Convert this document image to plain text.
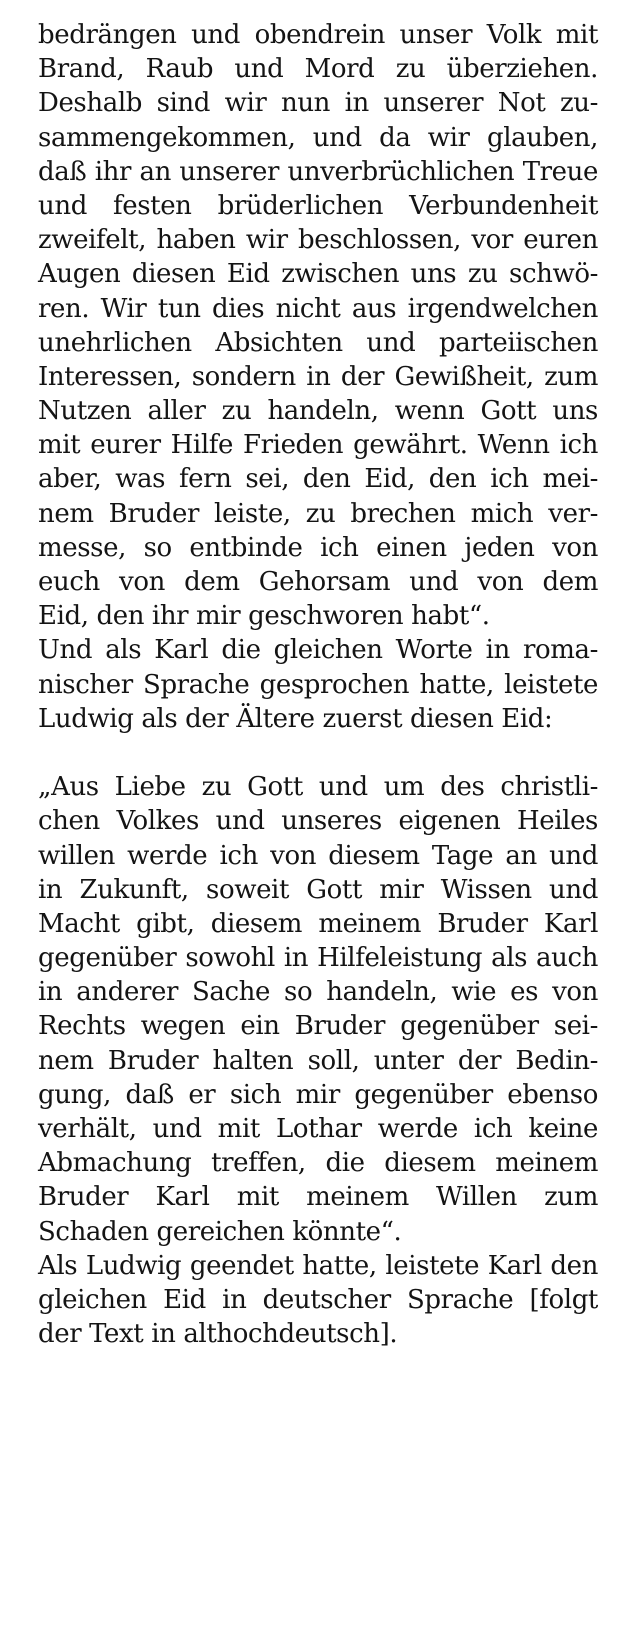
bedrängen und obendrein unser Volk mit
Brand, Raub und Mord zu überziehen.
Deshalb sind wir nun in unserer Not zu-
sammengekommen, und da wir glauben,
daß ihr an unserer unverbrüchlichen Treue
und festen brüderlichen Verbundenheit
zweifelt, haben wir beschlossen, vor euren
Augen diesen Eid zwischen uns zu schwö-
ren. Wir tun dies nicht aus irgendwelchen
unehrlichen Absichten und parteiischen
Interessen, sondern in der Gewißheit, zum
Nutzen aller zu handeln, wenn Gott uns
mit eurer Hilfe Frieden gewährt. Wenn ich
aber, was fern sei, den Eid, den ich mei-
nem Bruder leiste, zu brechen mich ver-
messe, so entbinde ich einen jeden von
euch von dem Gehorsam und von dem
Eid, den ihr mir geschworen habt“.
Und als Karl die gleichen Worte in roma-
nischer Sprache gesprochen hatte, leistete
Ludwig als der Ältere zuerst diesen Eid:
„Aus Liebe zu Gott und um des christli-
chen Volkes und unseres eigenen Heiles
willen werde ich von diesem Tage an und
in Zukunft, soweit Gott mir Wissen und
Macht gibt, diesem meinem Bruder Karl
gegenüber sowohl in Hilfeleistung als auch
in anderer Sache so handeln, wie es von
Rechts wegen ein Bruder gegenüber sei-
nem Bruder halten soll, unter der Bedin-
gung, daß er sich mir gegenüber ebenso
verhält, und mit Lothar werde ich keine
Abmachung treffen, die diesem meinem
Bruder Karl mit meinem Willen zum
Schaden gereichen könnte“.
Als Ludwig geendet hatte, leistete Karl den
gleichen Eid in deutscher Sprache [folgt
der Text in althochdeutsch].
